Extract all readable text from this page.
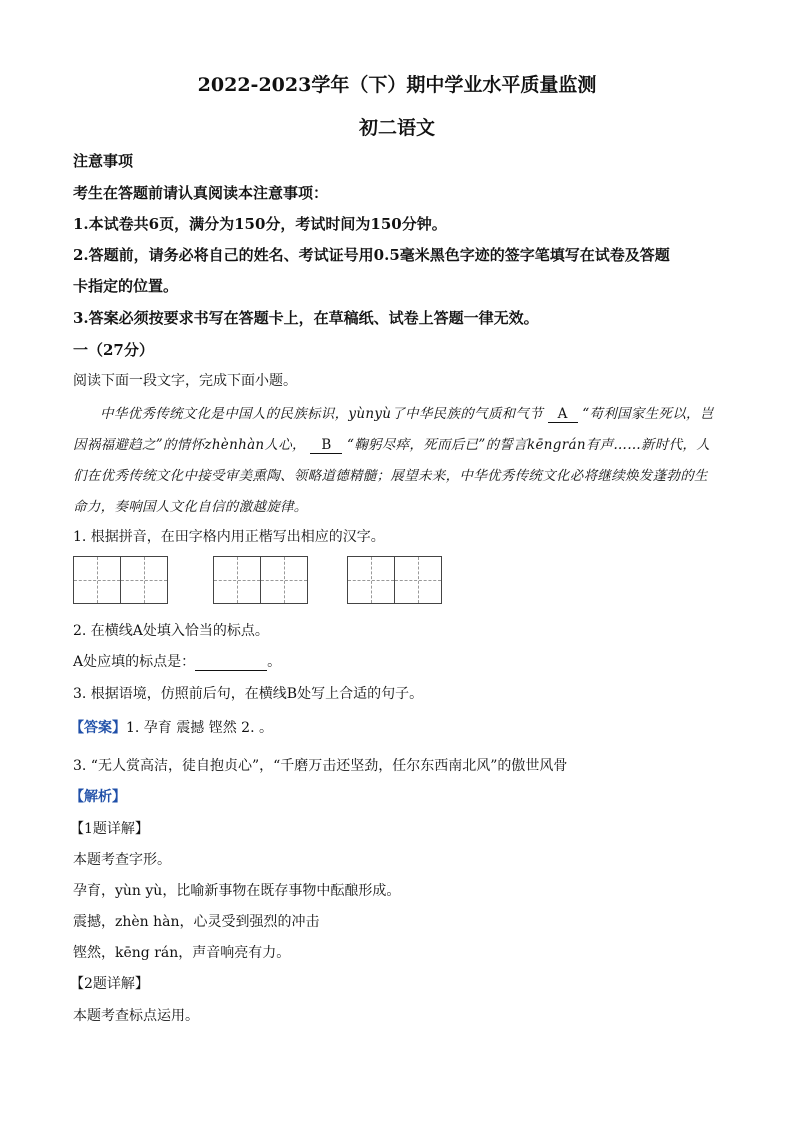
2022-2023学年（下）期中学业水平质量监测
初二语文
注意事项
考生在答题前请认真阅读本注意事项：
1.本试卷共6页，满分为150分，考试时间为150分钟。
2.答题前，请务必将自己的姓名、考试证号用0.5毫米黑色字迹的签字笔填写在试卷及答题
卡指定的位置。
3.答案必须按要求书写在答题卡上，在草稿纸、试卷上答题一律无效。
一（27分）
阅读下面一段文字，完成下面小题。
中华优秀传统文化是中国人的民族标识，yùnyù了中华民族的气质和气节 A “苟利国家生死以，岂
因祸福避趋之”的情怀zhènhàn人心， B “鞠躬尽瘁，死而后已”的誓言kēngrán有声……新时代，人
们在优秀传统文化中接受审美熏陶、领略道德精髓；展望未来，中华优秀传统文化必将继续焕发蓬勃的生
命力，奏响国人文化自信的激越旋律。
1. 根据拼音，在田字格内用正楷写出相应的汉字。
2. 在横线A处填入恰当的标点。
A处应填的标点是：	。
3. 根据语境，仿照前后句，在横线B处写上合适的句子。
【答案】1. 孕育 震撼 铿然 2. 。
3. “无人赏高洁，徒自抱贞心”，“千磨万击还坚劲，任尔东西南北风”的傲世风骨
【解析】
【1题详解】
本题考查字形。
孕育，yùn yù，比喻新事物在既存事物中酝酿形成。
震撼，zhèn hàn，心灵受到强烈的冲击
铿然，kēng rán，声音响亮有力。
【2题详解】
本题考查标点运用。
